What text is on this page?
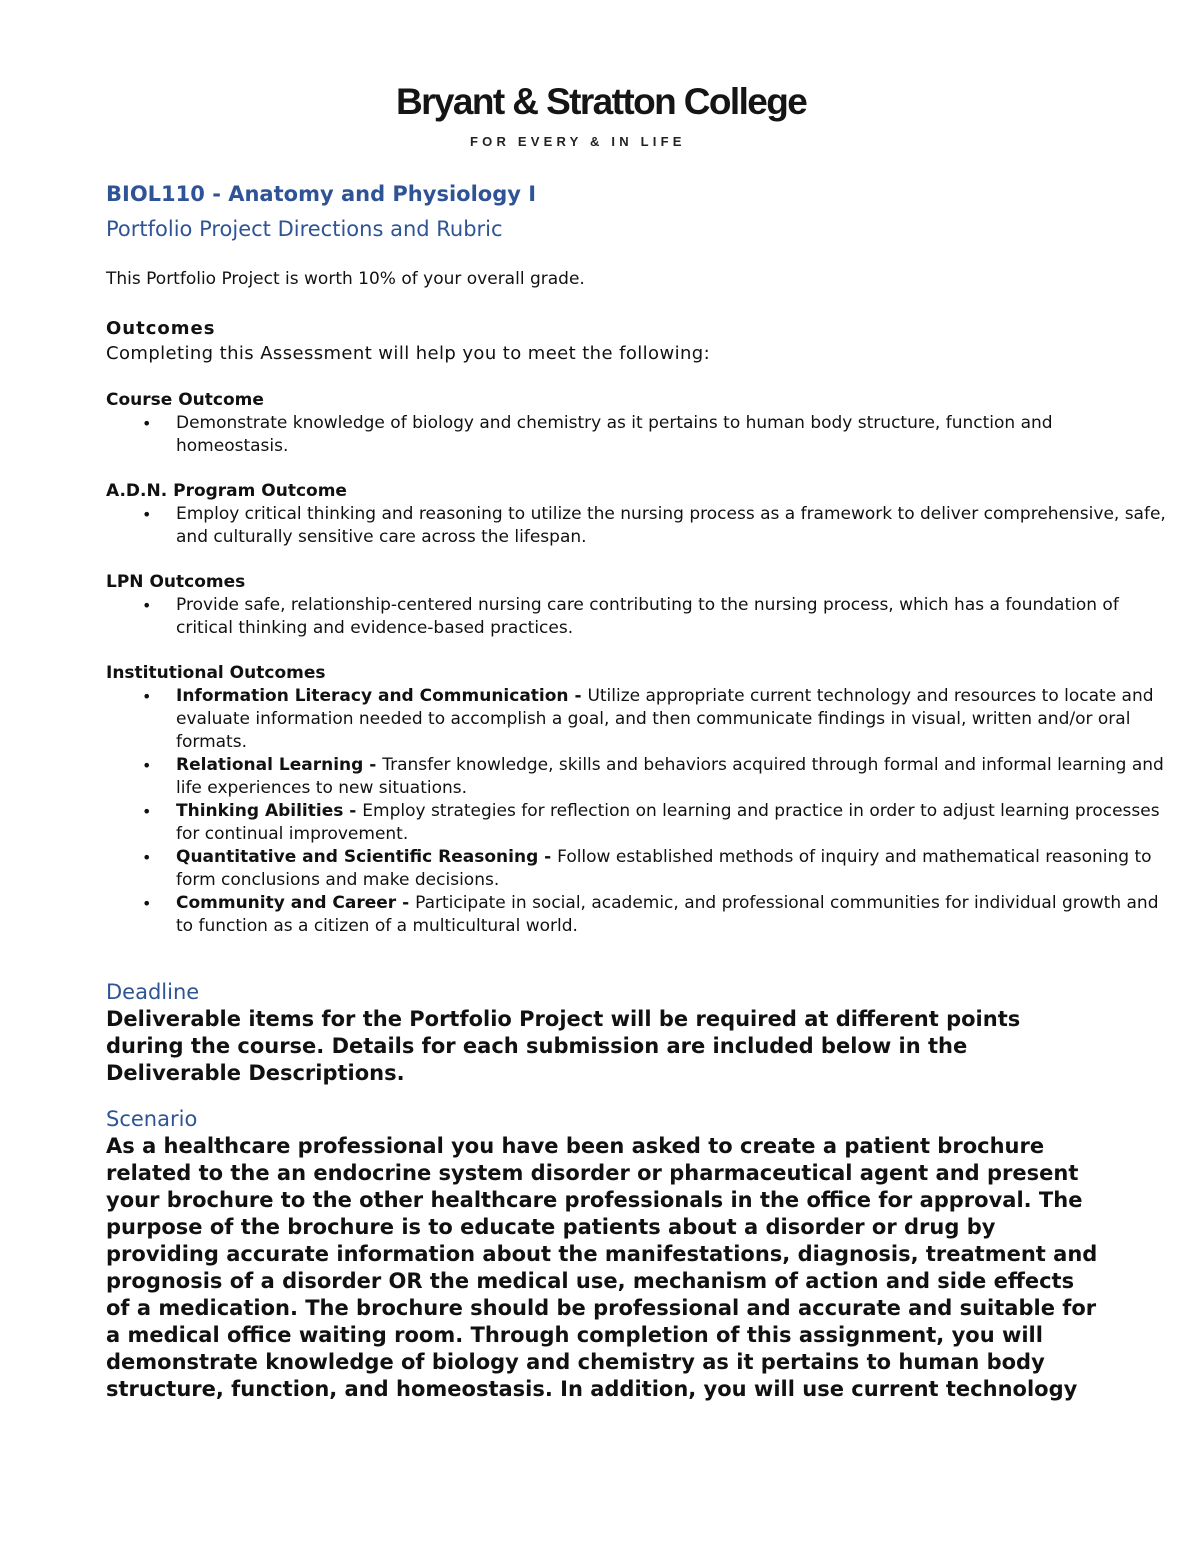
Bryant & Stratton College
FOR EVERY & IN LIFE
BIOL110 - Anatomy and Physiology I
Portfolio Project Directions and Rubric
This Portfolio Project is worth 10% of your overall grade.
Outcomes
Completing this Assessment will help you to meet the following:
Course Outcome
• Demonstrate knowledge of biology and chemistry as it pertains to human body structure, function and homeostasis.
A.D.N. Program Outcome
• Employ critical thinking and reasoning to utilize the nursing process as a framework to deliver comprehensive, safe, and culturally sensitive care across the lifespan.
LPN Outcomes
• Provide safe, relationship-centered nursing care contributing to the nursing process, which has a foundation of critical thinking and evidence-based practices.
Institutional Outcomes
• Information Literacy and Communication - Utilize appropriate current technology and resources to locate and evaluate information needed to accomplish a goal, and then communicate findings in visual, written and/or oral formats.
• Relational Learning - Transfer knowledge, skills and behaviors acquired through formal and informal learning and life experiences to new situations.
• Thinking Abilities - Employ strategies for reflection on learning and practice in order to adjust learning processes for continual improvement.
• Quantitative and Scientific Reasoning - Follow established methods of inquiry and mathematical reasoning to form conclusions and make decisions.
• Community and Career - Participate in social, academic, and professional communities for individual growth and to function as a citizen of a multicultural world.
Deadline
Deliverable items for the Portfolio Project will be required at different points during the course. Details for each submission are included below in the Deliverable Descriptions.
Scenario
As a healthcare professional you have been asked to create a patient brochure related to the an endocrine system disorder or pharmaceutical agent and present your brochure to the other healthcare professionals in the office for approval. The purpose of the brochure is to educate patients about a disorder or drug by providing accurate information about the manifestations, diagnosis, treatment and prognosis of a disorder OR the medical use, mechanism of action and side effects of a medication. The brochure should be professional and accurate and suitable for a medical office waiting room. Through completion of this assignment, you will demonstrate knowledge of biology and chemistry as it pertains to human body structure, function, and homeostasis. In addition, you will use current technology
